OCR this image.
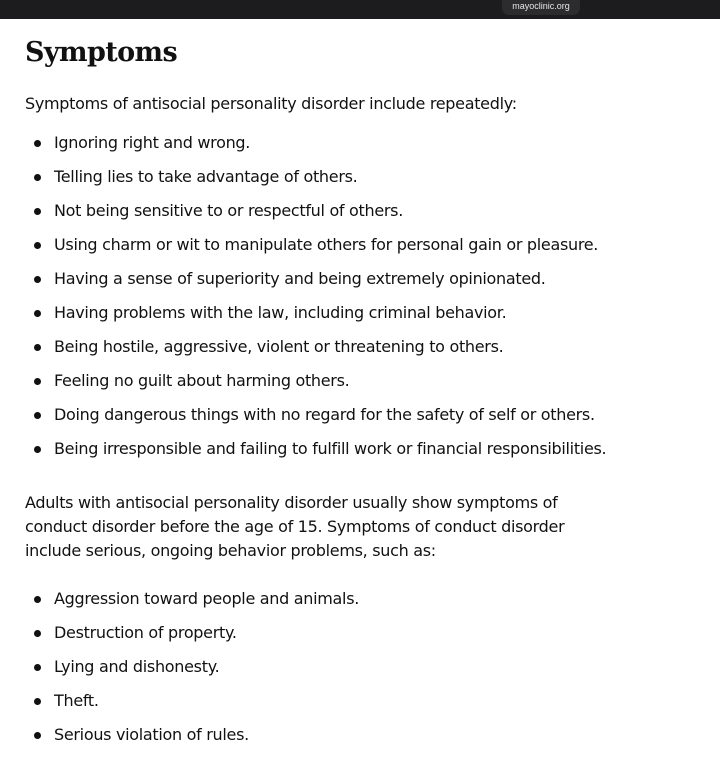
mayoclinic.org
Symptoms

Symptoms of antisocial personality disorder include repeatedly:

Ignoring right and wrong.
Telling lies to take advantage of others.
Not being sensitive to or respectful of others.
Using charm or wit to manipulate others for personal gain or pleasure.
Having a sense of superiority and being extremely opinionated.
Having problems with the law, including criminal behavior.
Being hostile, aggressive, violent or threatening to others.
Feeling no guilt about harming others.
Doing dangerous things with no regard for the safety of self or others.
Being irresponsible and failing to fulfill work or financial responsibilities.

Adults with antisocial personality disorder usually show symptoms of conduct disorder before the age of 15. Symptoms of conduct disorder include serious, ongoing behavior problems, such as:

Aggression toward people and animals.
Destruction of property.
Lying and dishonesty.
Theft.
Serious violation of rules.
